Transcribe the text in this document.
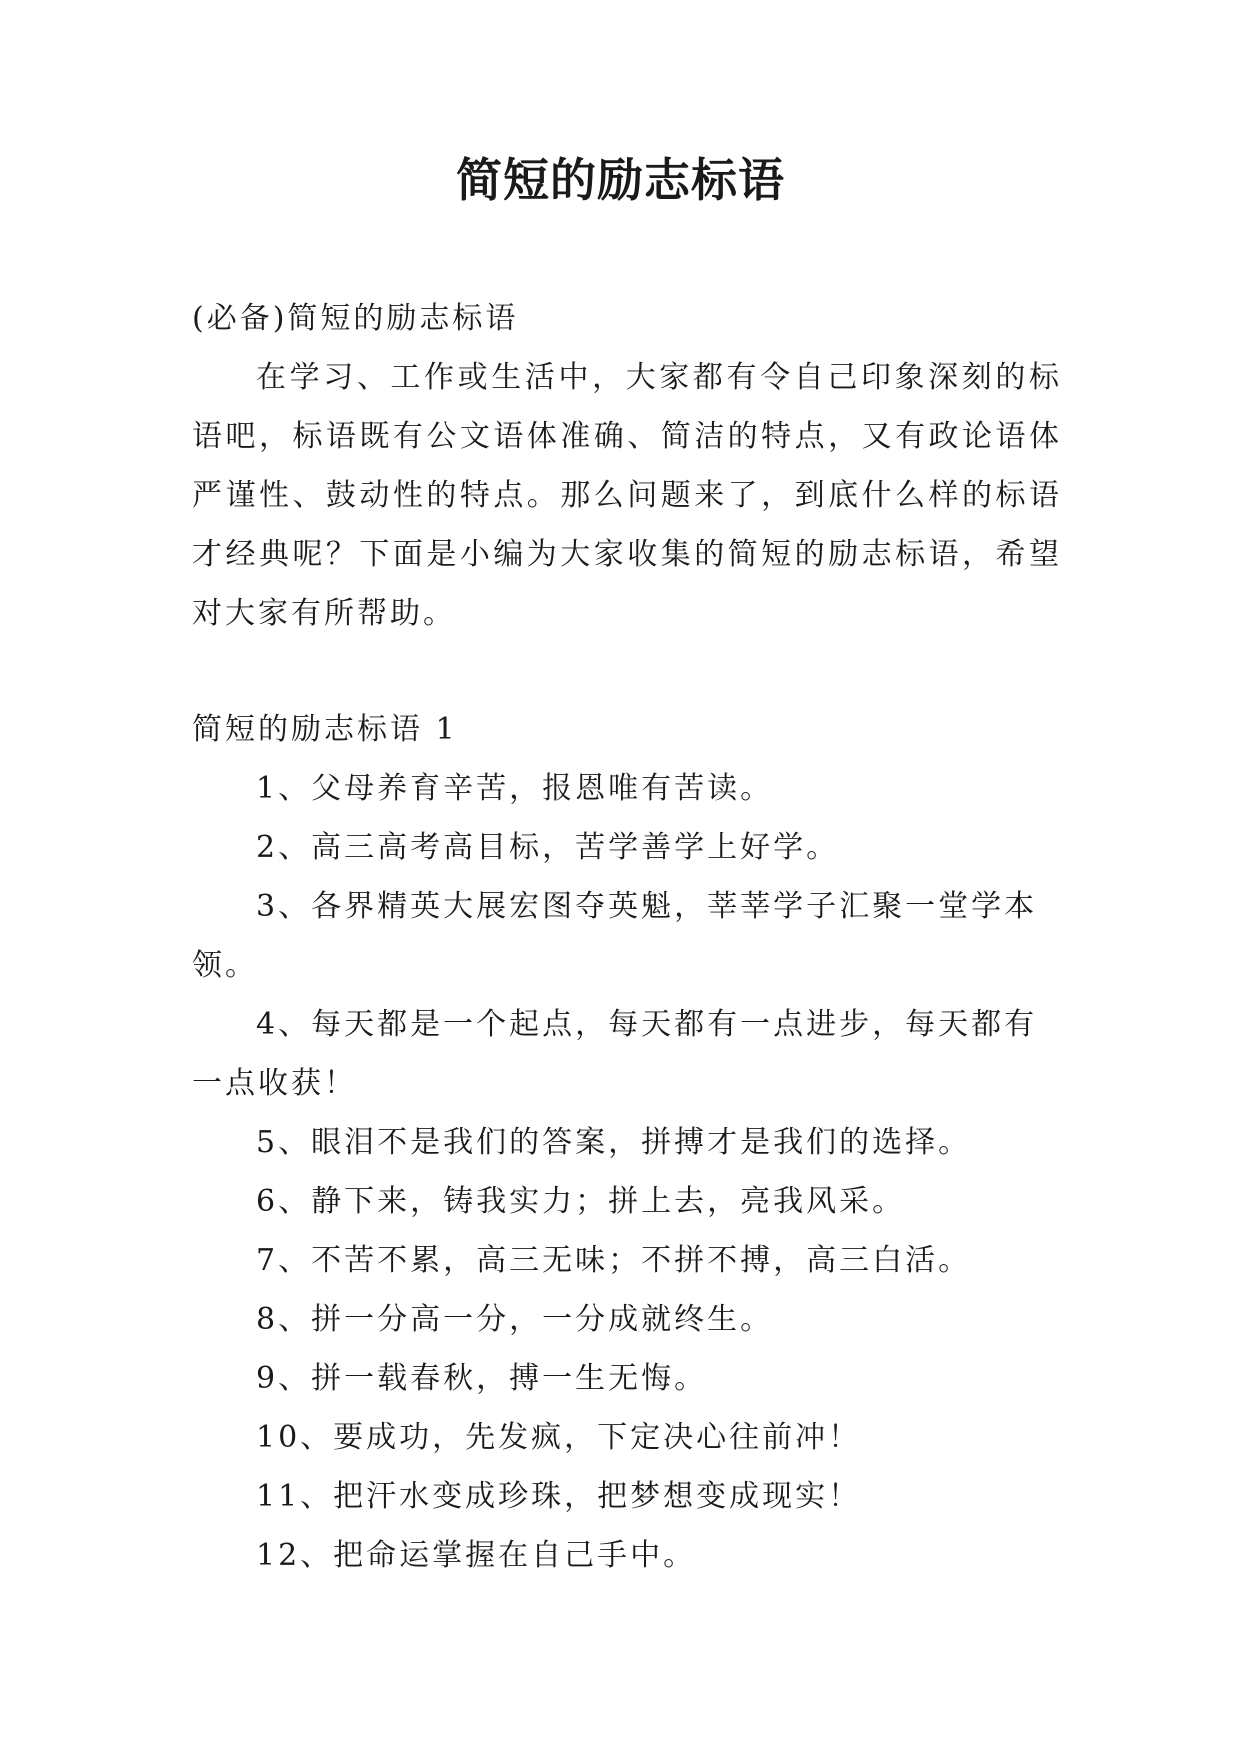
简短的励志标语

(必备)简短的励志标语

在学习、工作或生活中，大家都有令自己印象深刻的标语吧，标语既有公文语体准确、简洁的特点，又有政论语体严谨性、鼓动性的特点。那么问题来了，到底什么样的标语才经典呢？下面是小编为大家收集的简短的励志标语，希望对大家有所帮助。

简短的励志标语 1

1、父母养育辛苦，报恩唯有苦读。
2、高三高考高目标，苦学善学上好学。
3、各界精英大展宏图夺英魁，莘莘学子汇聚一堂学本领。
4、每天都是一个起点，每天都有一点进步，每天都有一点收获！
5、眼泪不是我们的答案，拼搏才是我们的选择。
6、静下来，铸我实力；拼上去，亮我风采。
7、不苦不累，高三无味；不拼不搏，高三白活。
8、拼一分高一分，一分成就终生。
9、拼一载春秋，搏一生无悔。
10、要成功，先发疯，下定决心往前冲！
11、把汗水变成珍珠，把梦想变成现实！
12、把命运掌握在自己手中。
